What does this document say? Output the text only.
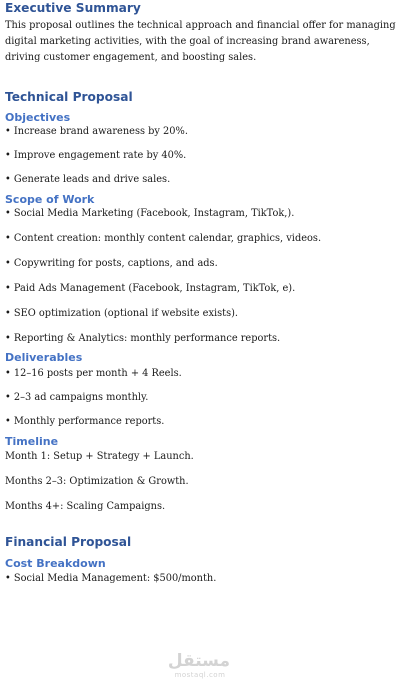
Executive Summary

This proposal outlines the technical approach and financial offer for managing digital marketing activities, with the goal of increasing brand awareness, driving customer engagement, and boosting sales.

Technical Proposal
Objectives

• Increase brand awareness by 20%.

• Improve engagement rate by 40%.

• Generate leads and drive sales.

Scope of Work

• Social Media Marketing (Facebook, Instagram, TikTok,).

• Content creation: monthly content calendar, graphics, videos.

• Copywriting for posts, captions, and ads.

• Paid Ads Management (Facebook, Instagram, TikTok, e).

• SEO optimization (optional if website exists).

• Reporting & Analytics: monthly performance reports.

Deliverables

• 12–16 posts per month + 4 Reels.

• 2–3 ad campaigns monthly.

• Monthly performance reports.

Timeline

Month 1: Setup + Strategy + Launch.

Months 2–3: Optimization & Growth.

Months 4+: Scaling Campaigns.

Financial Proposal
Cost Breakdown

• Social Media Management: $500/month.

مستقل
mostaql.com
